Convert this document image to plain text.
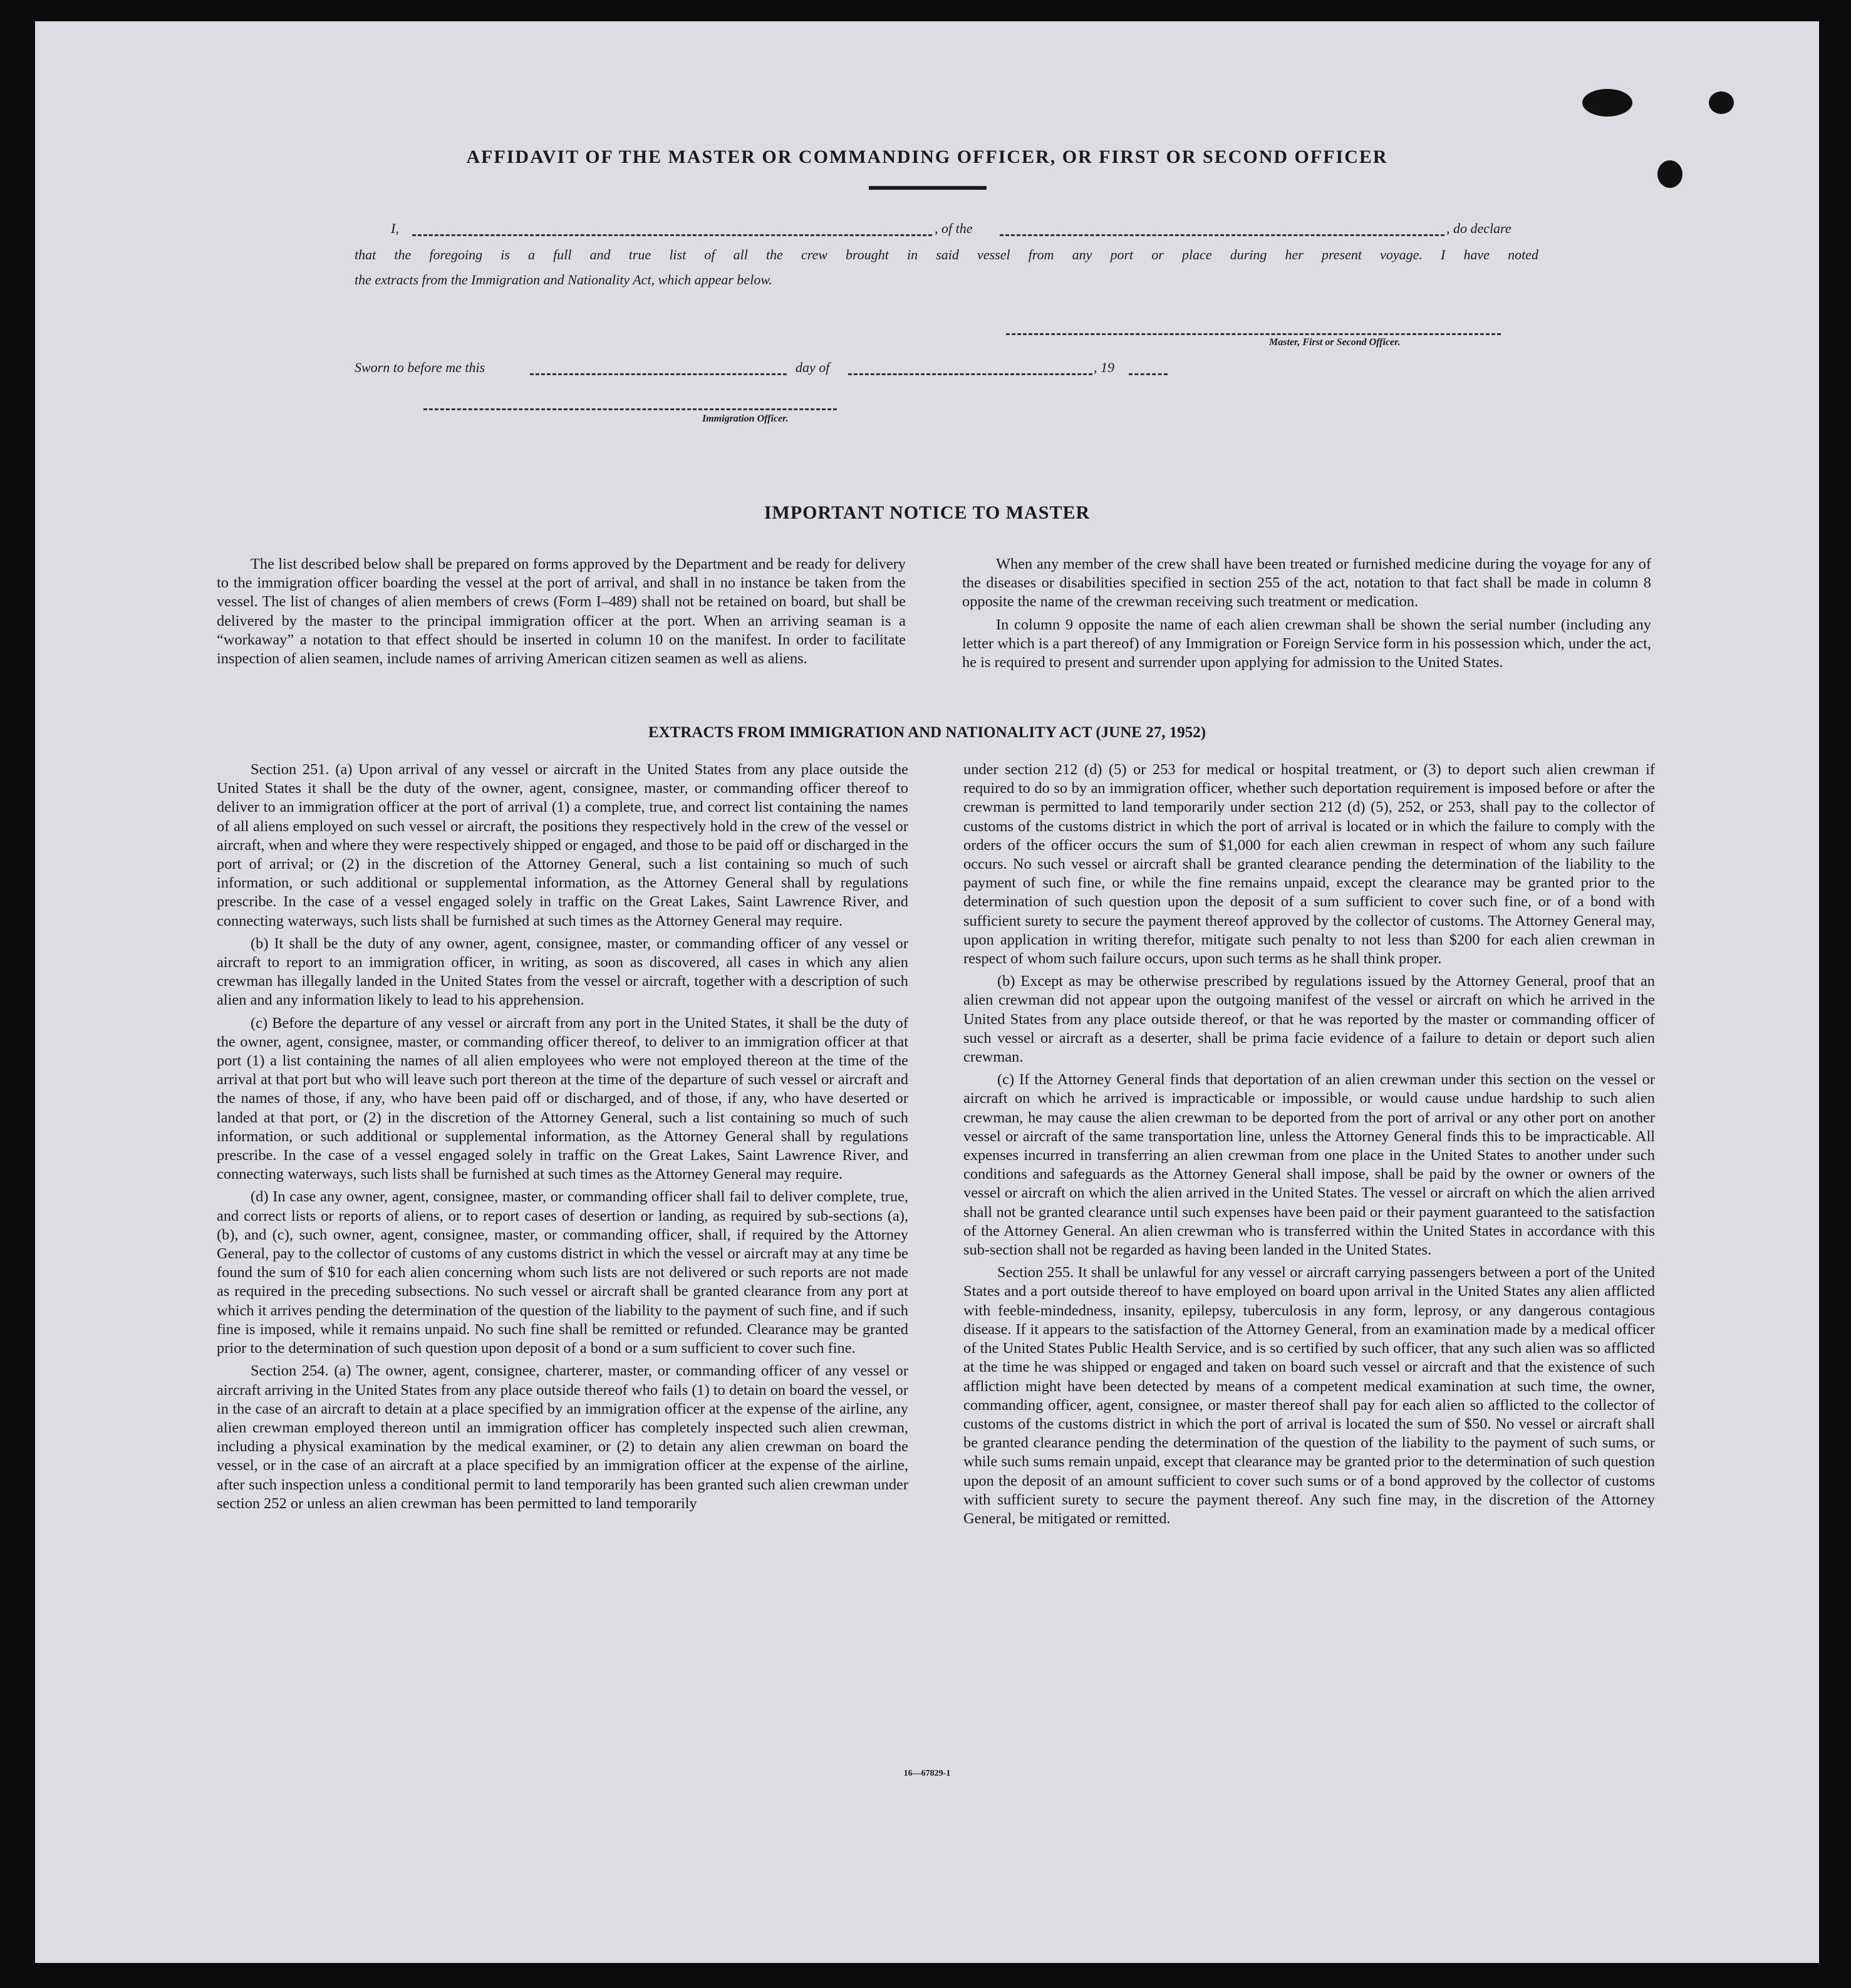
AFFIDAVIT OF THE MASTER OR COMMANDING OFFICER, OR FIRST OR SECOND OFFICER
I,	, of the	, do declare
that the foregoing is a full and true list of all the crew brought in said vessel from any port or place during her present voyage. I have noted
the extracts from the Immigration and Nationality Act, which appear below.
Master, First or Second Officer.
Sworn to before me this	day of	, 19
Immigration Officer.
IMPORTANT NOTICE TO MASTER

The list described below shall be prepared on forms approved by the Department and be ready for delivery to the immigration officer boarding the vessel at the port of arrival, and shall in no instance be taken from the vessel. The list of changes of alien members of crews (Form I–489) shall not be retained on board, but shall be delivered by the master to the principal immigration officer at the port. When an arriving seaman is a “workaway” a notation to that effect should be inserted in column 10 on the manifest. In order to facilitate inspection of alien seamen, include names of arriving American citizen seamen as well as aliens.

When any member of the crew shall have been treated or furnished medicine during the voyage for any of the diseases or disabilities specified in section 255 of the act, notation to that fact shall be made in column 8 opposite the name of the crewman receiving such treatment or medication.

In column 9 opposite the name of each alien crewman shall be shown the serial number (including any letter which is a part thereof) of any Immigration or Foreign Service form in his possession which, under the act, he is required to present and surrender upon applying for admission to the United States.

EXTRACTS FROM IMMIGRATION AND NATIONALITY ACT (JUNE 27, 1952)

Section 251. (a) Upon arrival of any vessel or aircraft in the United States from any place outside the United States it shall be the duty of the owner, agent, consignee, master, or commanding officer thereof to deliver to an immigration officer at the port of arrival (1) a complete, true, and correct list containing the names of all aliens employed on such vessel or aircraft, the positions they respectively hold in the crew of the vessel or aircraft, when and where they were respectively shipped or engaged, and those to be paid off or discharged in the port of arrival; or (2) in the discretion of the Attorney General, such a list containing so much of such information, or such additional or supplemental information, as the Attorney General shall by regulations prescribe. In the case of a vessel engaged solely in traffic on the Great Lakes, Saint Lawrence River, and connecting waterways, such lists shall be furnished at such times as the Attorney General may require.

(b) It shall be the duty of any owner, agent, consignee, master, or commanding officer of any vessel or aircraft to report to an immigration officer, in writing, as soon as discovered, all cases in which any alien crewman has illegally landed in the United States from the vessel or aircraft, together with a description of such alien and any information likely to lead to his apprehension.

(c) Before the departure of any vessel or aircraft from any port in the United States, it shall be the duty of the owner, agent, consignee, master, or commanding officer thereof, to deliver to an immigration officer at that port (1) a list containing the names of all alien employees who were not employed thereon at the time of the arrival at that port but who will leave such port thereon at the time of the departure of such vessel or aircraft and the names of those, if any, who have been paid off or discharged, and of those, if any, who have deserted or landed at that port, or (2) in the discretion of the Attorney General, such a list containing so much of such information, or such additional or supplemental information, as the Attorney General shall by regulations prescribe. In the case of a vessel engaged solely in traffic on the Great Lakes, Saint Lawrence River, and connecting waterways, such lists shall be furnished at such times as the Attorney General may require.

(d) In case any owner, agent, consignee, master, or commanding officer shall fail to deliver complete, true, and correct lists or reports of aliens, or to report cases of desertion or landing, as required by sub-sections (a), (b), and (c), such owner, agent, consignee, master, or commanding officer, shall, if required by the Attorney General, pay to the collector of customs of any customs district in which the vessel or aircraft may at any time be found the sum of $10 for each alien concerning whom such lists are not delivered or such reports are not made as required in the preceding subsections. No such vessel or aircraft shall be granted clearance from any port at which it arrives pending the determination of the question of the liability to the payment of such fine, and if such fine is imposed, while it remains unpaid. No such fine shall be remitted or refunded. Clearance may be granted prior to the determination of such question upon deposit of a bond or a sum sufficient to cover such fine.

Section 254. (a) The owner, agent, consignee, charterer, master, or commanding officer of any vessel or aircraft arriving in the United States from any place outside thereof who fails (1) to detain on board the vessel, or in the case of an aircraft to detain at a place specified by an immigration officer at the expense of the airline, any alien crewman employed thereon until an immigration officer has completely inspected such alien crewman, including a physical examination by the medical examiner, or (2) to detain any alien crewman on board the vessel, or in the case of an aircraft at a place specified by an immigration officer at the expense of the airline, after such inspection unless a conditional permit to land temporarily has been granted such alien crewman under section 252 or unless an alien crewman has been permitted to land temporarily

under section 212 (d) (5) or 253 for medical or hospital treatment, or (3) to deport such alien crewman if required to do so by an immigration officer, whether such deportation requirement is imposed before or after the crewman is permitted to land temporarily under section 212 (d) (5), 252, or 253, shall pay to the collector of customs of the customs district in which the port of arrival is located or in which the failure to comply with the orders of the officer occurs the sum of $1,000 for each alien crewman in respect of whom any such failure occurs. No such vessel or aircraft shall be granted clearance pending the determination of the liability to the payment of such fine, or while the fine remains unpaid, except the clearance may be granted prior to the determination of such question upon the deposit of a sum sufficient to cover such fine, or of a bond with sufficient surety to secure the payment thereof approved by the collector of customs. The Attorney General may, upon application in writing therefor, mitigate such penalty to not less than $200 for each alien crewman in respect of whom such failure occurs, upon such terms as he shall think proper.

(b) Except as may be otherwise prescribed by regulations issued by the Attorney General, proof that an alien crewman did not appear upon the outgoing manifest of the vessel or aircraft on which he arrived in the United States from any place outside thereof, or that he was reported by the master or commanding officer of such vessel or aircraft as a deserter, shall be prima facie evidence of a failure to detain or deport such alien crewman.

(c) If the Attorney General finds that deportation of an alien crewman under this section on the vessel or aircraft on which he arrived is impracticable or impossible, or would cause undue hardship to such alien crewman, he may cause the alien crewman to be deported from the port of arrival or any other port on another vessel or aircraft of the same transportation line, unless the Attorney General finds this to be impracticable. All expenses incurred in transferring an alien crewman from one place in the United States to another under such conditions and safeguards as the Attorney General shall impose, shall be paid by the owner or owners of the vessel or aircraft on which the alien arrived in the United States. The vessel or aircraft on which the alien arrived shall not be granted clearance until such expenses have been paid or their payment guaranteed to the satisfaction of the Attorney General. An alien crewman who is transferred within the United States in accordance with this sub-section shall not be regarded as having been landed in the United States.

Section 255. It shall be unlawful for any vessel or aircraft carrying passengers between a port of the United States and a port outside thereof to have employed on board upon arrival in the United States any alien afflicted with feeble-mindedness, insanity, epilepsy, tuberculosis in any form, leprosy, or any dangerous contagious disease. If it appears to the satisfaction of the Attorney General, from an examination made by a medical officer of the United States Public Health Service, and is so certified by such officer, that any such alien was so afflicted at the time he was shipped or engaged and taken on board such vessel or aircraft and that the existence of such affliction might have been detected by means of a competent medical examination at such time, the owner, commanding officer, agent, consignee, or master thereof shall pay for each alien so afflicted to the collector of customs of the customs district in which the port of arrival is located the sum of $50. No vessel or aircraft shall be granted clearance pending the determination of the question of the liability to the payment of such sums, or while such sums remain unpaid, except that clearance may be granted prior to the determination of such question upon the deposit of an amount sufficient to cover such sums or of a bond approved by the collector of customs with sufficient surety to secure the payment thereof. Any such fine may, in the discretion of the Attorney General, be mitigated or remitted.

16—67829-1
